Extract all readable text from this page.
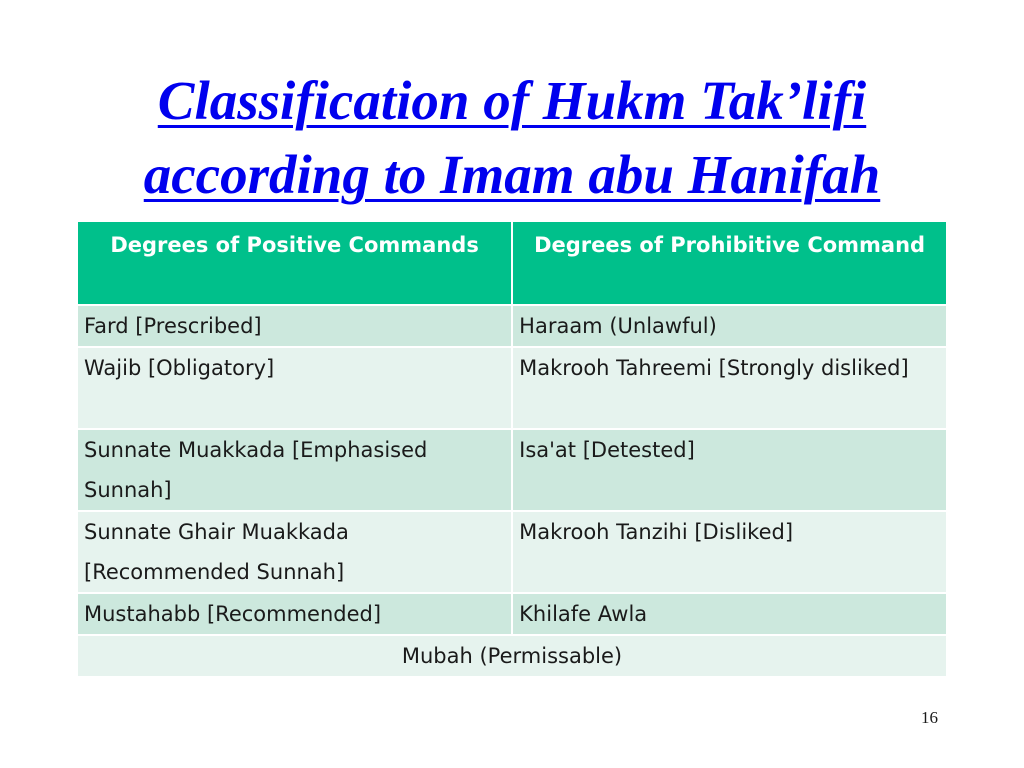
Classification of Hukm Tak’lifi
according to Imam abu Hanifah
Degrees of Positive Commands	Degrees of Prohibitive Command
Fard [Prescribed]	Haraam (Unlawful)
Wajib [Obligatory]	Makrooh Tahreemi [Strongly disliked]
Sunnate Muakkada [Emphasised Sunnah]	Isa'at [Detested]
Sunnate Ghair Muakkada [Recommended Sunnah]	Makrooh Tanzihi [Disliked]
Mustahabb [Recommended]	Khilafe Awla
Mubah (Permissable)	
16
